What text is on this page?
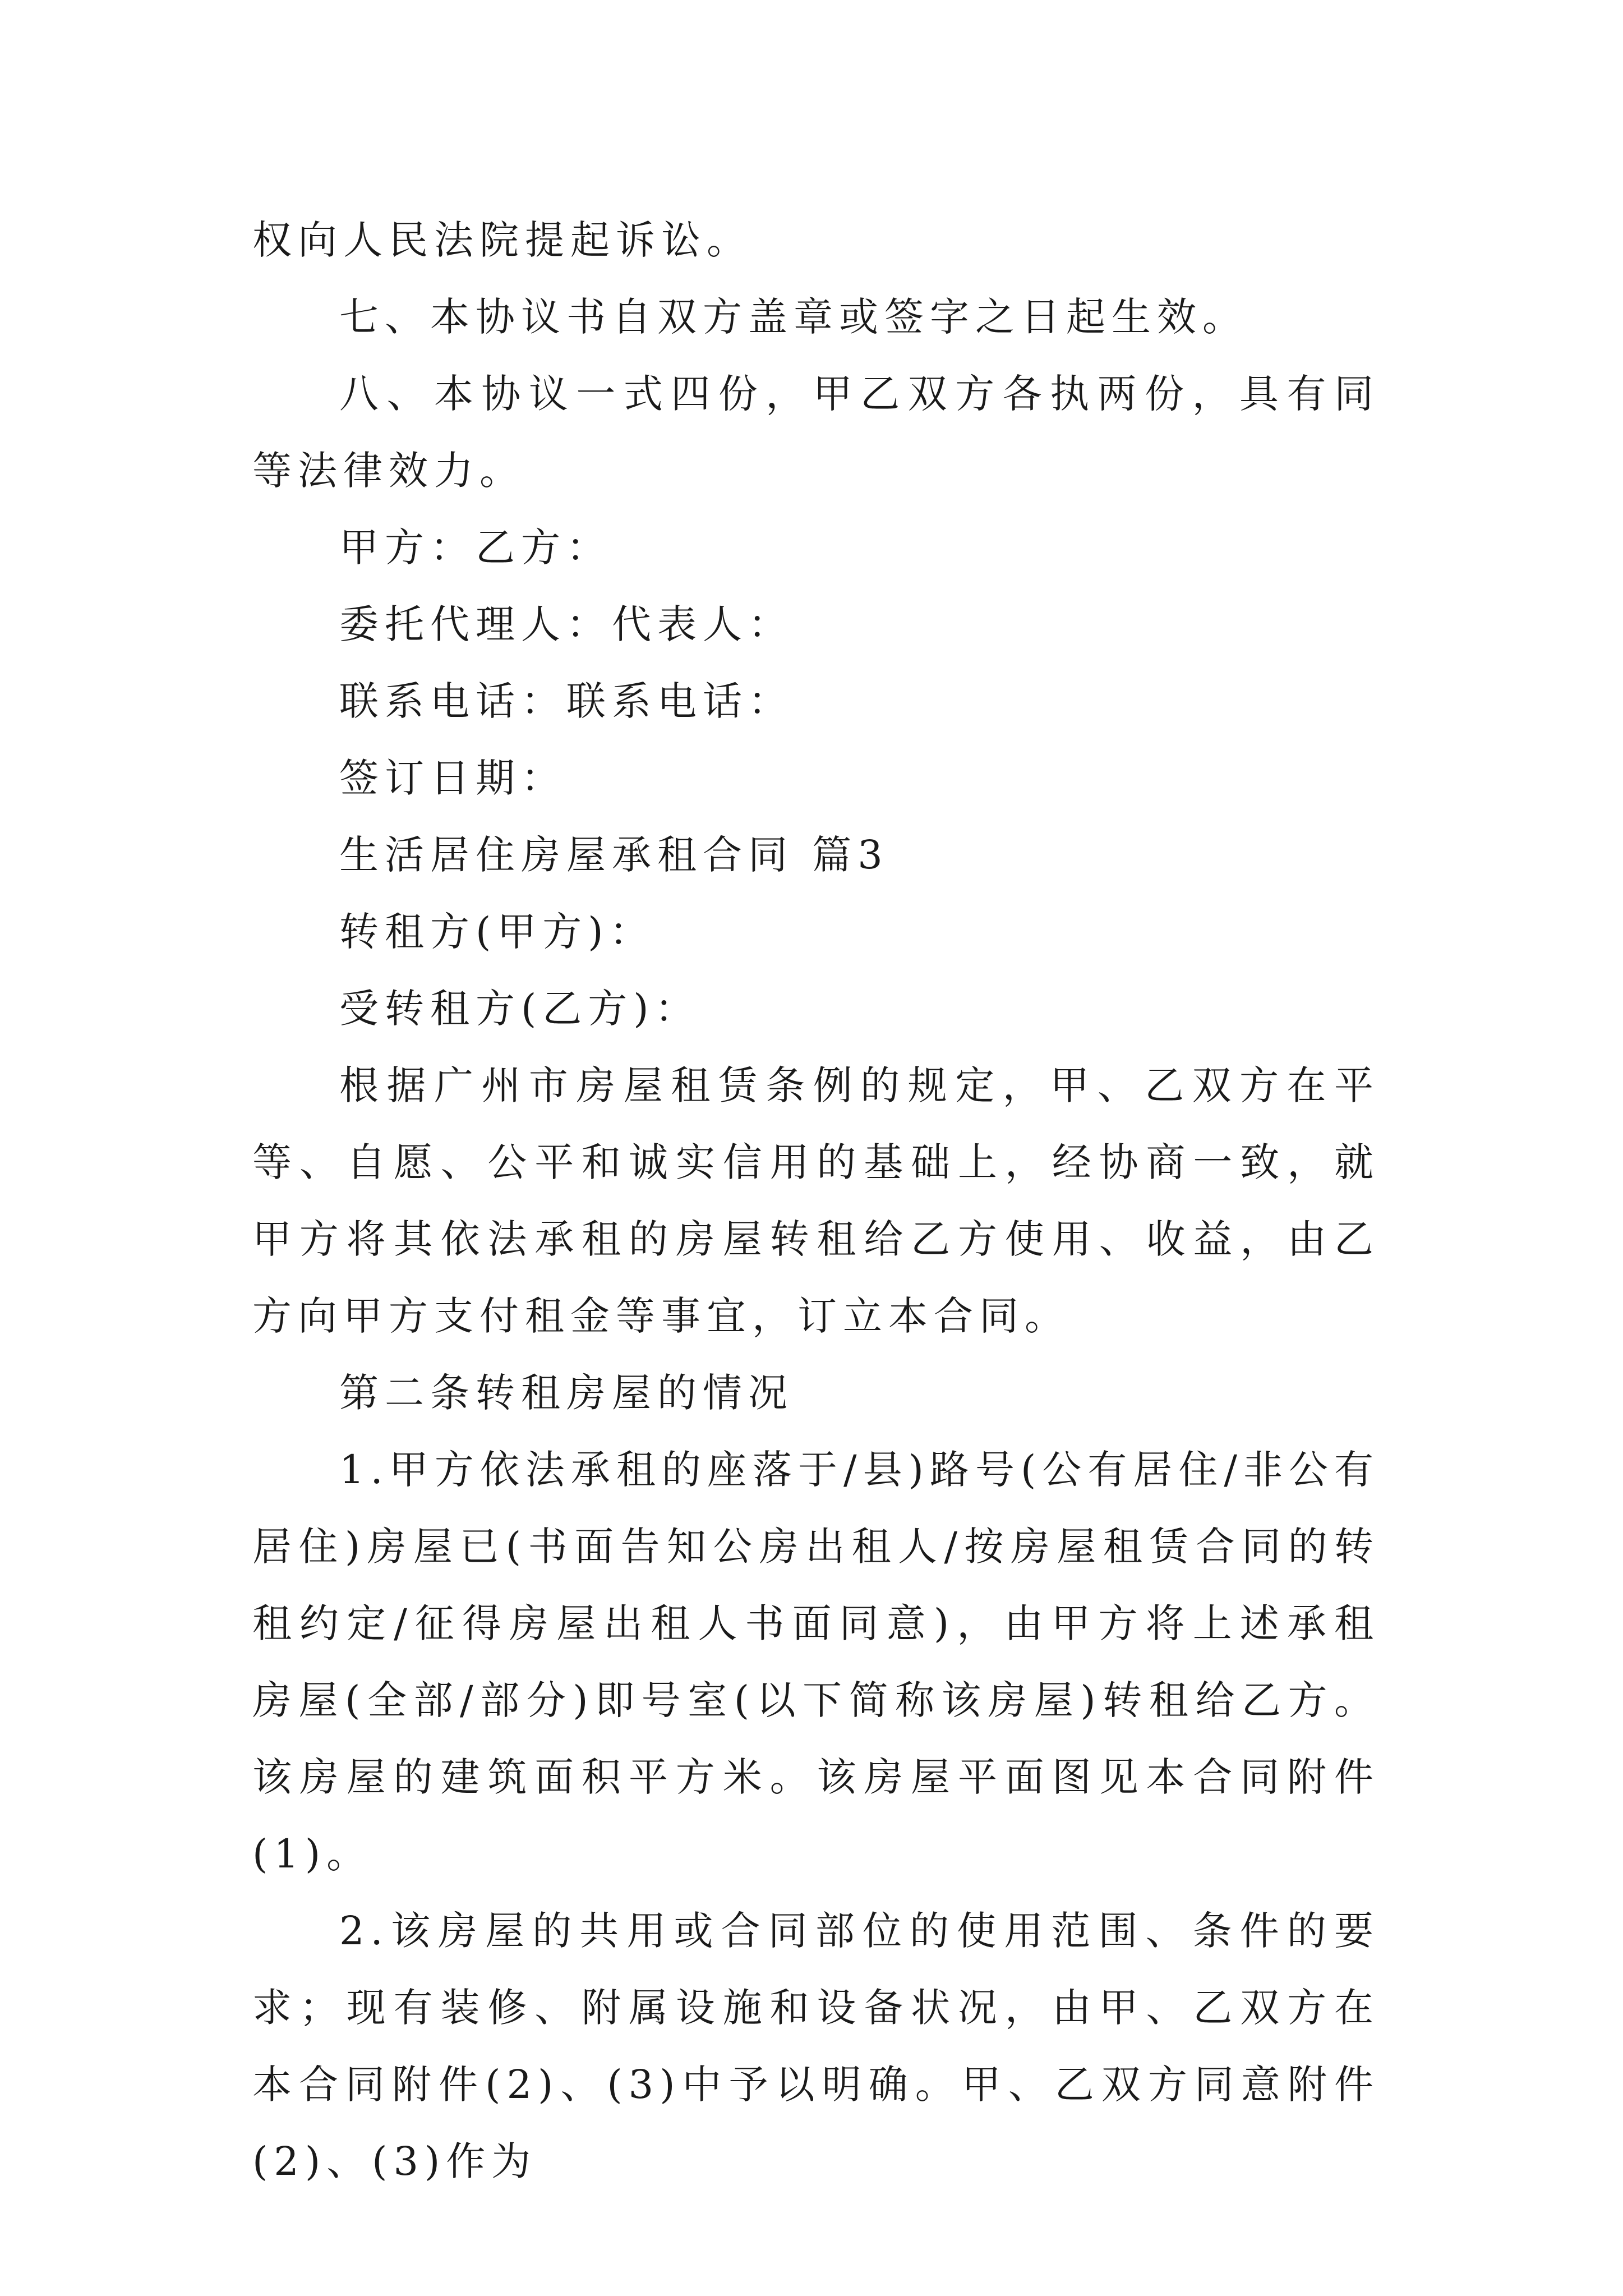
权向人民法院提起诉讼。

七、本协议书自双方盖章或签字之日起生效。

八、本协议一式四份，甲乙双方各执两份，具有同等法律效力。

甲方：乙方：

委托代理人：代表人：

联系电话：联系电话：

签订日期：

生活居住房屋承租合同 篇3

转租方(甲方)：

受转租方(乙方)：

根据广州市房屋租赁条例的规定，甲、乙双方在平等、自愿、公平和诚实信用的基础上，经协商一致，就甲方将其依法承租的房屋转租给乙方使用、收益，由乙方向甲方支付租金等事宜，订立本合同。

第二条转租房屋的情况

1.甲方依法承租的座落于/县)路号(公有居住/非公有居住)房屋已(书面告知公房出租人/按房屋租赁合同的转租约定/征得房屋出租人书面同意)，由甲方将上述承租房屋(全部/部分)即号室(以下简称该房屋)转租给乙方。该房屋的建筑面积平方米。该房屋平面图见本合同附件(1)。

2.该房屋的共用或合同部位的使用范围、条件的要求；现有装修、附属设施和设备状况，由甲、乙双方在本合同附件(2)、(3)中予以明确。甲、乙双方同意附件(2)、(3)作为
